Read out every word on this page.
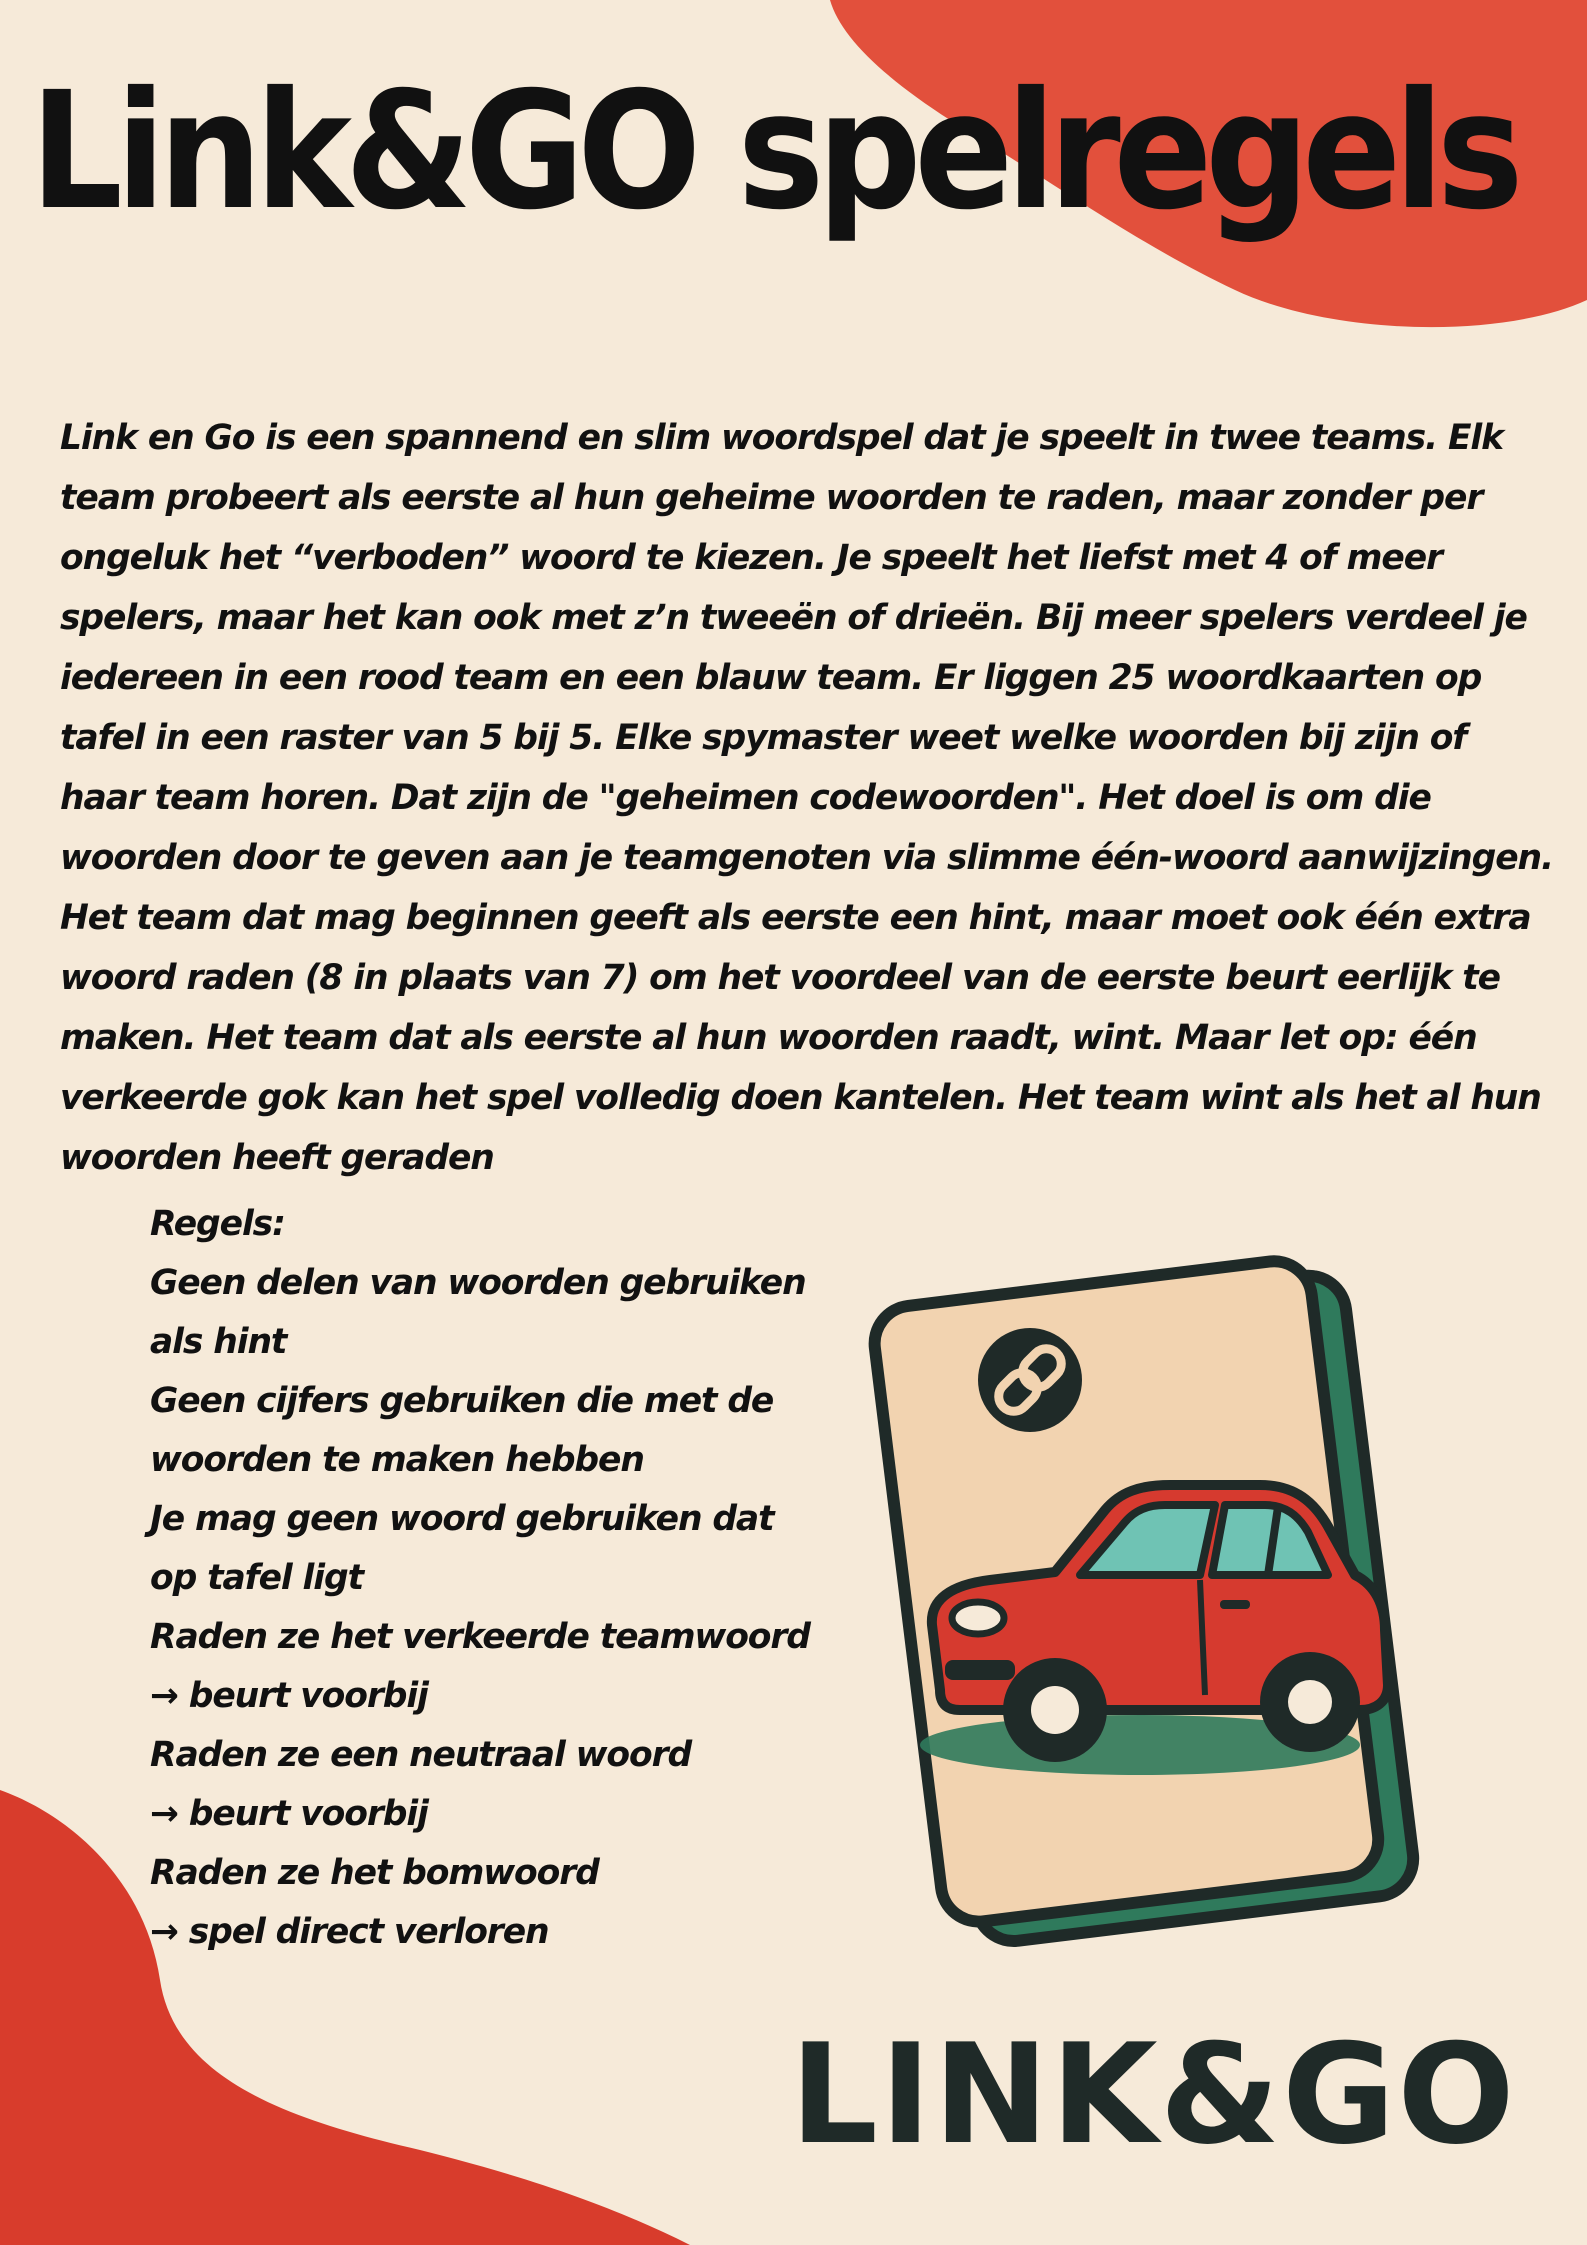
Link&GO spelregels

Link en Go is een spannend en slim woordspel dat je speelt in twee teams. Elk team probeert als eerste al hun geheime woorden te raden, maar zonder per ongeluk het “verboden” woord te kiezen. Je speelt het liefst met 4 of meer spelers, maar het kan ook met z’n tweeën of drieën. Bij meer spelers verdeel je iedereen in een rood team en een blauw team. Er liggen 25 woordkaarten op tafel in een raster van 5 bij 5. Elke spymaster weet welke woorden bij zijn of haar team horen. Dat zijn de "geheimen codewoorden". Het doel is om die woorden door te geven aan je teamgenoten via slimme één-woord aanwijzingen. Het team dat mag beginnen geeft als eerste een hint, maar moet ook één extra woord raden (8 in plaats van 7) om het voordeel van de eerste beurt eerlijk te maken. Het team dat als eerste al hun woorden raadt, wint. Maar let op: één verkeerde gok kan het spel volledig doen kantelen. Het team wint als het al hun woorden heeft geraden

Regels:
Geen delen van woorden gebruiken als hint
Geen cijfers gebruiken die met de woorden te maken hebben
Je mag geen woord gebruiken dat op tafel ligt
Raden ze het verkeerde teamwoord
→ beurt voorbij
Raden ze een neutraal woord
→ beurt voorbij
Raden ze het bomwoord
→ spel direct verloren
LINK&GO
